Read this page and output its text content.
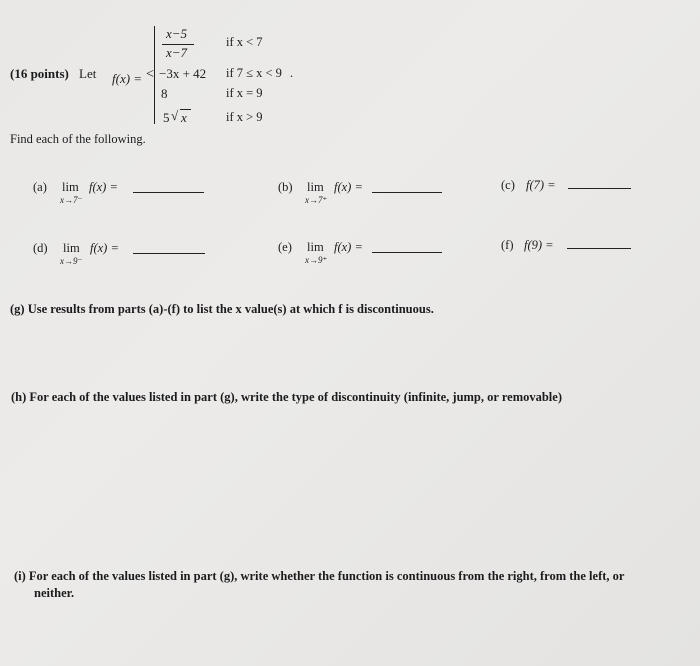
(16 points) Let f(x) = <
x−5
x−7
if x < 7
−3x + 42 if 7 ≤ x < 9 .
8	if x = 9
5 √ x	if x > 9
Find each of the following.
(a) lim
x→7⁻
f(x) =	(b) lim
x→7⁺
f(x) =	(c) f(7) =
(d) lim
x→9⁻
f(x) =	(e) lim
x→9⁺
f(x) =	(f) f(9) =
(g) Use results from parts (a)-(f) to list the x value(s) at which f is discontinuous.
(h) For each of the values listed in part (g), write the type of discontinuity (infinite, jump, or removable)
(i) For each of the values listed in part (g), write whether the function is continuous from the right, from the left, or
neither.
